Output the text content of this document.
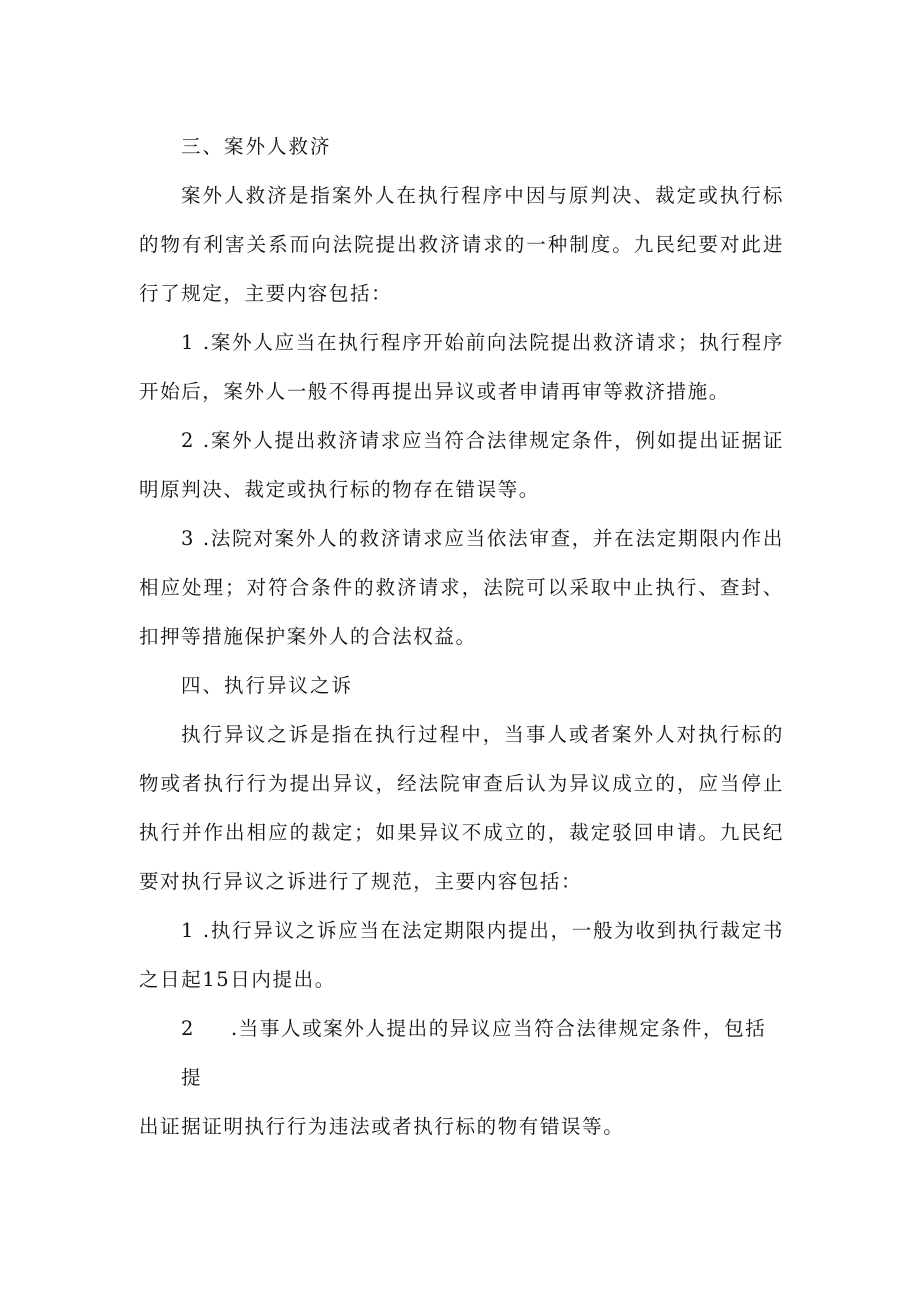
三、案外人救济

案外人救济是指案外人在执行程序中因与原判决、裁定或执行标的物有利害关系而向法院提出救济请求的一种制度。九民纪要对此进行了规定，主要内容包括：

1 .案外人应当在执行程序开始前向法院提出救济请求；执行程序开始后，案外人一般不得再提出异议或者申请再审等救济措施。

2 .案外人提出救济请求应当符合法律规定条件，例如提出证据证明原判决、裁定或执行标的物存在错误等。

3 .法院对案外人的救济请求应当依法审查，并在法定期限内作出相应处理；对符合条件的救济请求，法院可以采取中止执行、查封、扣押等措施保护案外人的合法权益。

四、执行异议之诉

执行异议之诉是指在执行过程中，当事人或者案外人对执行标的物或者执行行为提出异议，经法院审查后认为异议成立的，应当停止执行并作出相应的裁定；如果异议不成立的，裁定驳回申请。九民纪要对执行异议之诉进行了规范，主要内容包括：

1 .执行异议之诉应当在法定期限内提出，一般为收到执行裁定书之日起15日内提出。

2 .当事人或案外人提出的异议应当符合法律规定条件，包括提
出证据证明执行行为违法或者执行标的物有错误等。
